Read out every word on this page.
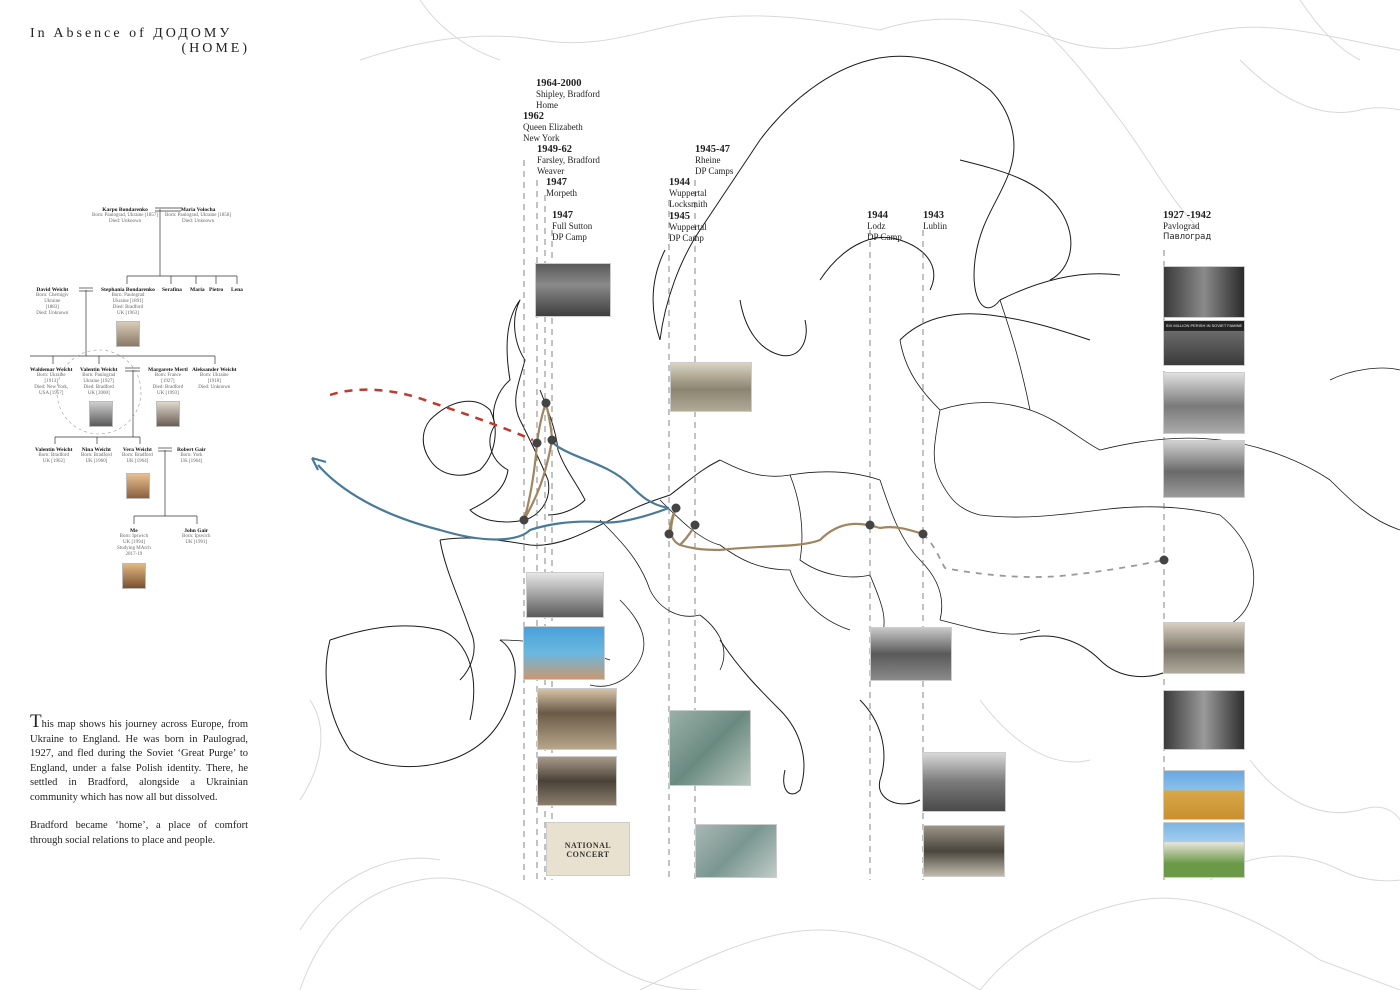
In Absence of ДОДОМУ
(HOME)
1964-2000
Shipley, Bradford
Home
1962
Queen Elizabeth
New York
1949-62
Farsley, Bradford
Weaver
1947
Morpeth
1947
Full Sutton
DP Camp
1945-47
Rheine
DP Camps
1944
Wuppertal
Locksmith
1945
Wuppertal
DP Camp
1944
Lodz
DP Camp
1943
Lublin
1927 -1942
Pavlograd
Павлоград
NATIONAL CONCERT
SIX MILLION PERISH IN SOVIET FAMINE
Karpo Bondarenko
Born: Paulograd, Ukraine [1857]
Died: Unknown
Maria Volocha
Born: Paulograd, Ukraine [1858]
Died: Unknown
David Weicht
Born: Chernigiv
Ukraine
[1883]
Died: Unknown
Stephania Bondarenko
Born: Paulograd
Ukraine [1891]
Died: Bradford
UK [1963]
Serafina Maria Pietro Lena
Waldemar Weicht
Born: Ukraine
[1913]
Died: New York,
USA [1957]
Valentin Weicht
Born: Paulograd
Ukraine [1927]
Died: Bradford
UK [2000]
Margarete Mertl
Born: France
[1927]
Died: Bradford
UK [1993]
Aleksander Weicht
Born: Ukraine
[1918]
Died: Unknown
Valentin Weicht
Born: Bradford
UK [1962]
Nina Weicht
Born: Bradford
UK [1960]
Vera Weicht
Born: Bradford
UK [1964]
Robert Gair
Born: York
UK [1964]
Me
Born: Ipswich
UK [1994]
Studying MArch
2017-19
John Gair
Born: Ipswich
UK [1991]

This map shows his journey across Europe, from Ukraine to England. He was born in Paulograd, 1927, and fled during the Soviet ‘Great Purge’ to England, under a false Polish identity. There, he settled in Bradford, alongside a Ukrainian community which has now all but dissolved.

Bradford became ‘home’, a place of comfort through social relations to place and people.
